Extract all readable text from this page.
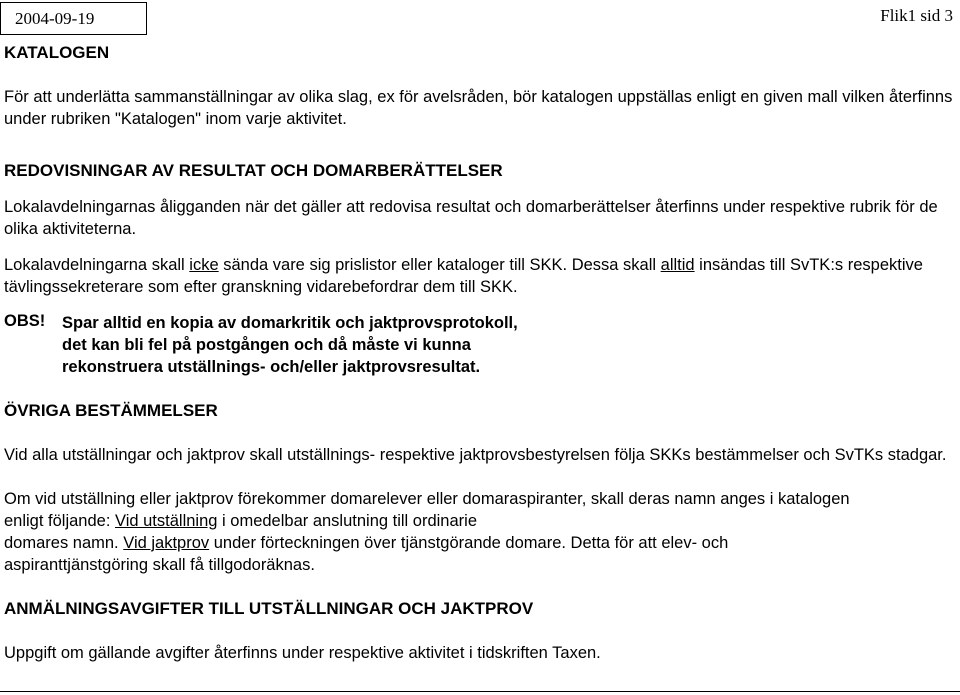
2004-09-19	Flik1 sid 3
KATALOGEN

För att underlätta sammanställningar av olika slag, ex för avelsråden, bör katalogen uppställas enligt en given mall vilken återfinns under rubriken "Katalogen" inom varje aktivitet.

REDOVISNINGAR AV RESULTAT OCH DOMARBERÄTTELSER

Lokalavdelningarnas åligganden när det gäller att redovisa resultat och domarberättelser återfinns under respektive rubrik för de olika aktiviteterna.

Lokalavdelningarna skall icke sända vare sig prislistor eller kataloger till SKK. Dessa skall alltid insändas till SvTK:s respektive tävlingssekreterare som efter granskning vidarebefordrar dem till SKK.

OBS!	Spar alltid en kopia av domarkritik och jaktprovsprotokoll,
det kan bli fel på postgången och då måste vi kunna
rekonstruera utställnings- och/eller jaktprovsresultat.
ÖVRIGA BESTÄMMELSER

Vid alla utställningar och jaktprov skall utställnings- respektive jaktprovsbestyrelsen följa SKKs bestämmelser och SvTKs stadgar.

Om vid utställning eller jaktprov förekommer domarelever eller domaraspiranter, skall deras namn anges i katalogen
enligt följande: Vid utställning i omedelbar anslutning till ordinarie
domares namn. Vid jaktprov under förteckningen över tjänstgörande domare. Detta för att elev- och
aspiranttjänstgöring skall få tillgodoräknas.

ANMÄLNINGSAVGIFTER TILL UTSTÄLLNINGAR OCH JAKTPROV

Uppgift om gällande avgifter återfinns under respektive aktivitet i tidskriften Taxen.
